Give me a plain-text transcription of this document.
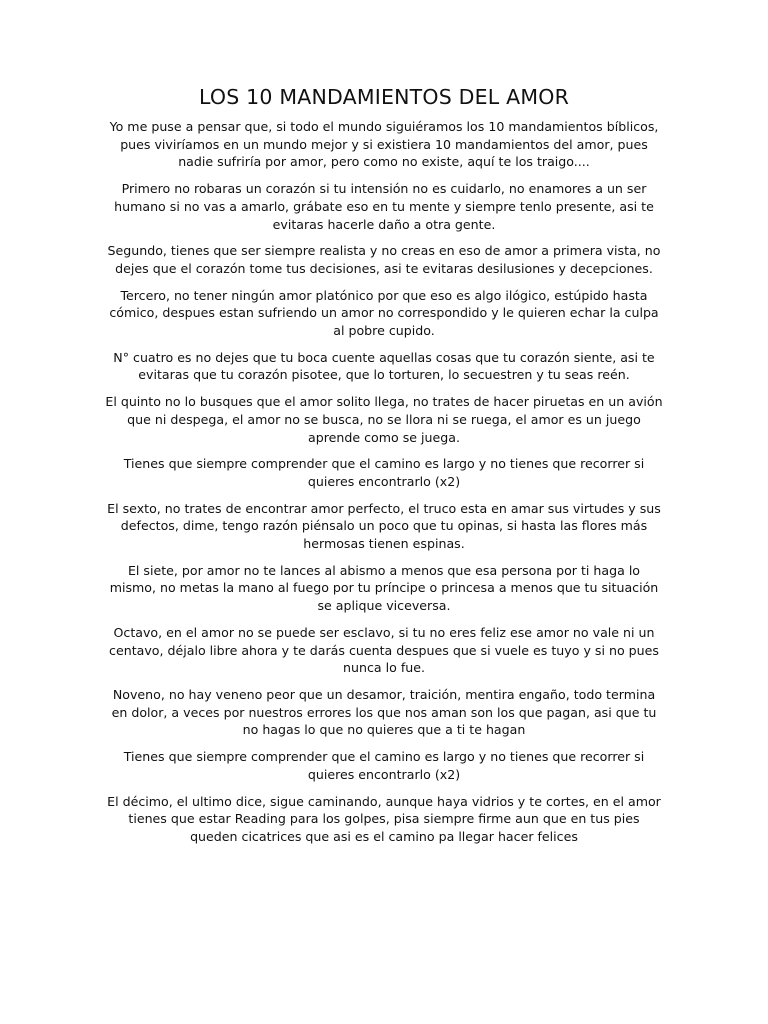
LOS 10 MANDAMIENTOS DEL AMOR

Yo me puse a pensar que, si todo el mundo siguiéramos los 10 mandamientos bíblicos, pues viviríamos en un mundo mejor y si existiera 10 mandamientos del amor, pues nadie sufriría por amor, pero como no existe, aquí te los traigo....

Primero no robaras un corazón si tu intensión no es cuidarlo, no enamores a un ser humano si no vas a amarlo, grábate eso en tu mente y siempre tenlo presente, asi te evitaras hacerle daño a otra gente.

Segundo, tienes que ser siempre realista y no creas en eso de amor a primera vista, no dejes que el corazón tome tus decisiones, asi te evitaras desilusiones y decepciones.

Tercero, no tener ningún amor platónico por que eso es algo ilógico, estúpido hasta cómico, despues estan sufriendo un amor no correspondido y le quieren echar la culpa al pobre cupido.

N° cuatro es no dejes que tu boca cuente aquellas cosas que tu corazón siente, asi te evitaras que tu corazón pisotee, que lo torturen, lo secuestren y tu seas reén.

El quinto no lo busques que el amor solito llega, no trates de hacer piruetas en un avión que ni despega, el amor no se busca, no se llora ni se ruega, el amor es un juego aprende como se juega.

Tienes que siempre comprender que el camino es largo y no tienes que recorrer si quieres encontrarlo (x2)

El sexto, no trates de encontrar amor perfecto, el truco esta en amar sus virtudes y sus defectos, dime, tengo razón piénsalo un poco que tu opinas, si hasta las flores más hermosas tienen espinas.

El siete, por amor no te lances al abismo a menos que esa persona por ti haga lo mismo, no metas la mano al fuego por tu príncipe o princesa a menos que tu situación se aplique viceversa.

Octavo, en el amor no se puede ser esclavo, si tu no eres feliz ese amor no vale ni un centavo, déjalo libre ahora y te darás cuenta despues que si vuele es tuyo y si no pues nunca lo fue.

Noveno, no hay veneno peor que un desamor, traición, mentira engaño, todo termina en dolor, a veces por nuestros errores los que nos aman son los que pagan, asi que tu no hagas lo que no quieres que a ti te hagan

Tienes que siempre comprender que el camino es largo y no tienes que recorrer si quieres encontrarlo (x2)

El décimo, el ultimo dice, sigue caminando, aunque haya vidrios y te cortes, en el amor tienes que estar Reading para los golpes, pisa siempre firme aun que en tus pies queden cicatrices que asi es el camino pa llegar hacer felices
